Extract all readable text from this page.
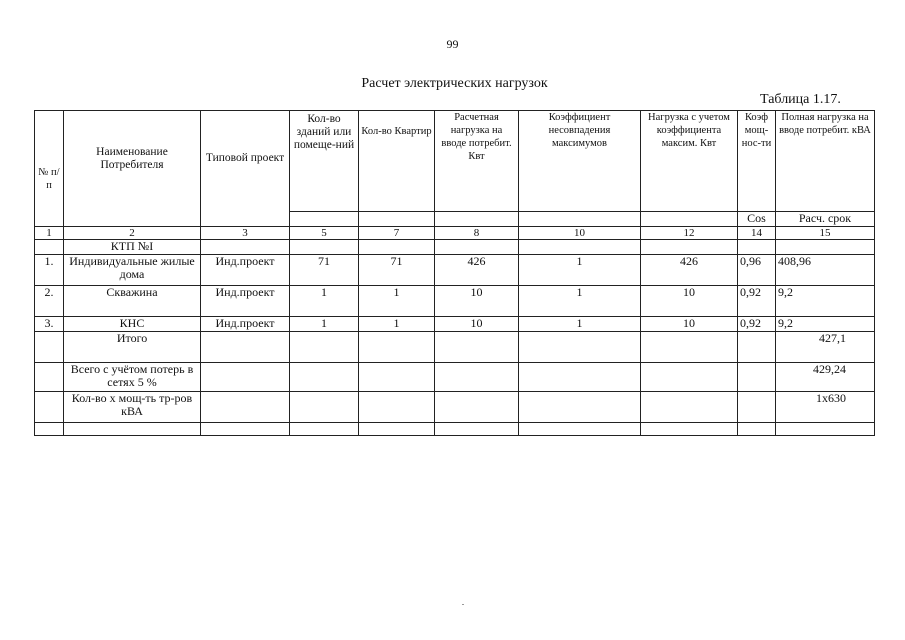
99
Расчет электрических нагрузок
Таблица 1.17.
№ п/п	Наименование Потребителя	Типовой проект	Кол-во зданий или помеще-ний	Кол-во Квартир	Расчетная нагрузка на вводе потребит. Квт	Коэффициент несовпадения максимумов	Нагрузка с учетом коэффициента максим. Квт	Коэф мощ-нос-ти	Полная нагрузка на вводе потребит. кВА
								Cos	Расч. срок
1	2	3	5	7	8	10	12	14	15
	КТП №I								
1.	Индивидуальные жилые дома	Инд.проект	71	71	426	1	426	0,96	408,96
2.	Скважина	Инд.проект	1	1	10	1	10	0,92	9,2
3.	КНС	Инд.проект	1	1	10	1	10	0,92	9,2
	Итого								427,1
	Всего с учётом потерь в сетях 5 %								429,24
	Кол-во х мощ-ть тр-ров кВА								1х630
